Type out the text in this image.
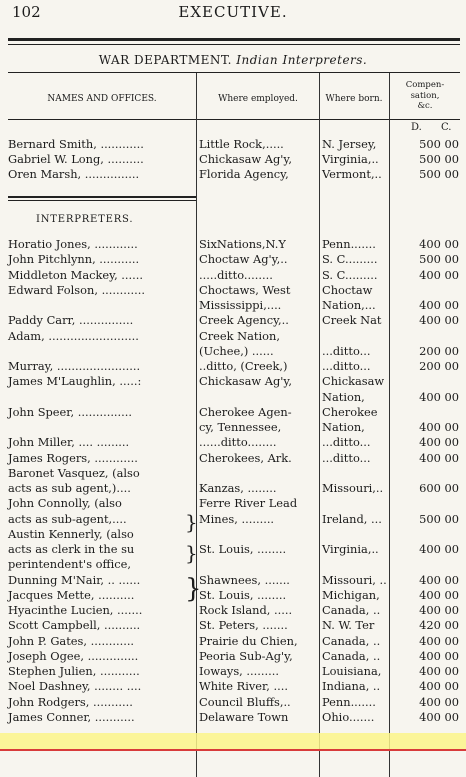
102	EXECUTIVE.
WAR DEPARTMENT. Indian Interpreters.
NAMES AND OFFICES.	Where employed.	Where born.
Compen-
sation,
&c.
D. C.
Bernard Smith, ............	Little Rock,.....	N. Jersey,	500 00
Gabriel W. Long, ..........	Chickasaw Ag'y,	Virginia,..	500 00
Oren Marsh, ...............	Florida Agency,	Vermont,..	500 00
INTERPRETERS.
Horatio Jones, ............	SixNations,N.Y	Penn.......	400 00
John Pitchlynn, ...........	Choctaw Ag'y,..	S. C.........	500 00
Middleton Mackey, ......	.....ditto........	S. C.........	400 00
Edward Folson, ............	Choctaws, West	Choctaw
Mississippi,....	Nation,...	400 00
Paddy Carr, ...............	Creek Agency,..	Creek Nat	400 00
Adam, .........................	Creek Nation,
(Uchee,) ......	...ditto...	200 00
Murray, .......................	..ditto, (Creek,)	...ditto...	200 00
James M'Laughlin, .....:	Chickasaw Ag'y,	Chickasaw
Nation,	400 00
John Speer, ...............	Cherokee Agen-	Cherokee
cy, Tennessee,	Nation,	400 00
John Miller, .... .........	......ditto........	...ditto...	400 00
James Rogers, ............	Cherokees, Ark.	...ditto...	400 00
Baronet Vasquez, (also
acts as sub agent,)....	Kanzas, ........	Missouri,..	600 00
John Connolly, (also	Ferre River Lead
acts as sub-agent,....	Mines, .........	Ireland, ...	500 00
Austin Kennerly, (also
acts as clerk in the su	St. Louis, ........	Virginia,..	400 00
perintendent's office,
Dunning M'Nair, .. ......	Shawnees, .......	Missouri, ..	400 00
Jacques Mette, ..........	St. Louis, ........	Michigan,	400 00
Hyacinthe Lucien, .......	Rock Island, .....	Canada, ..	400 00
Scott Campbell, ..........	St. Peters, .......	N. W. Ter	420 00
John P. Gates, ............	Prairie du Chien, Canada, ..	400 00
Joseph Ogee, ..............	Peoria Sub-Ag'y,	Canada, ..	400 00
Stephen Julien, ...........	Ioways, .........	Louisiana,	400 00
Noel Dashney, ........ ....	White River, ....	Indiana, ..	400 00
John Rodgers, ...........	Council Bluffs,..	Penn.......	400 00
James Conner, ...........	Delaware Town	Ohio.......	400 00
}
}
}
